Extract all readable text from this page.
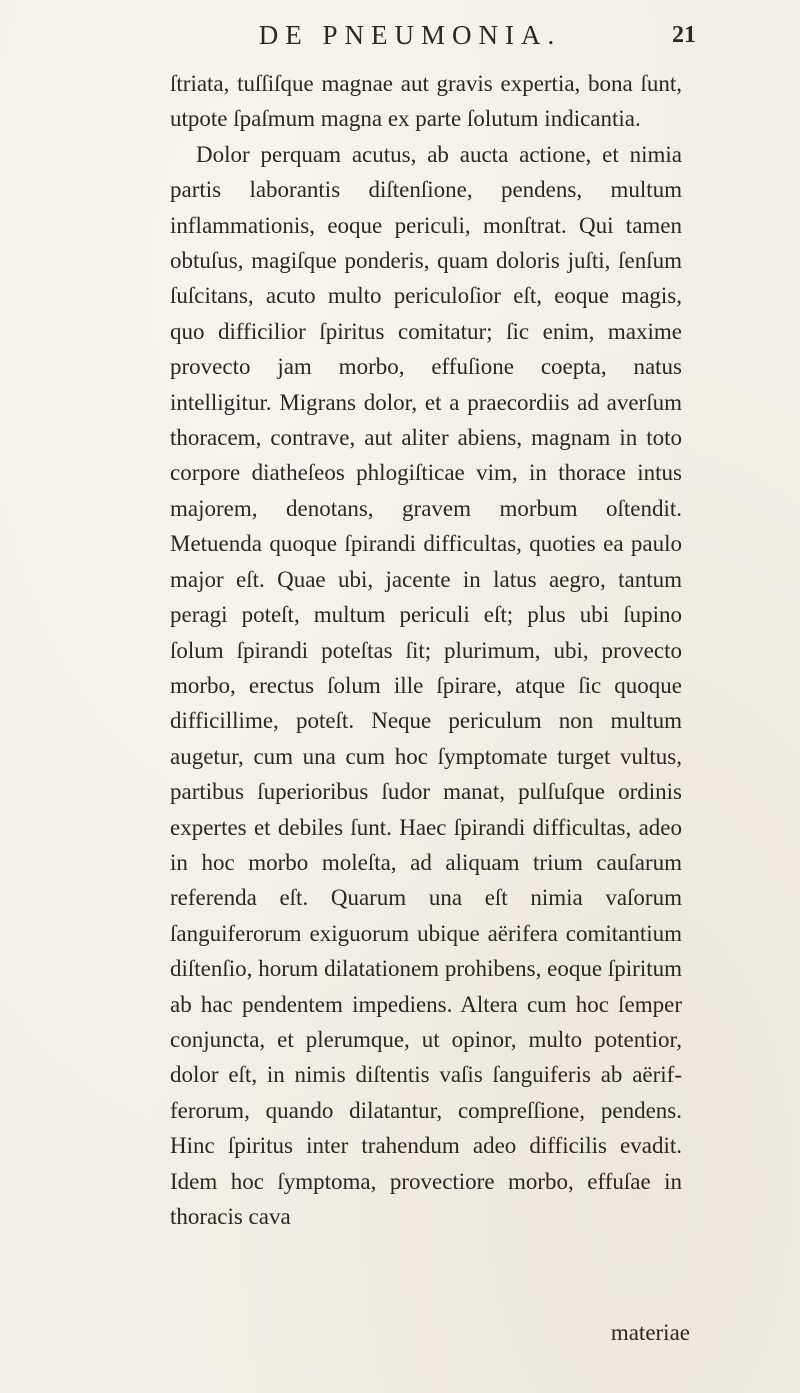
DE PNEUMONIA.	21

ſtriata, tuſſiſque magnae aut gravis expertia, bona ſunt, utpote ſpaſmum magna ex parte ſolutum indicantia.

Dolor perquam acutus, ab aucta actione, et nimia partis laborantis diſtenſione, pendens, multum inflammationis, eoque periculi, monſtrat. Qui tamen obtuſus, magiſque ponderis, quam doloris juſti, ſenſum ſuſcitans, acuto multo periculoſior eſt, eoque magis, quo difficilior ſpiritus comitatur; ſic enim, maxime provecto jam morbo, effuſione coepta, natus intelligitur. Migrans dolor, et a praecordiis ad averſum thoracem, contrave, aut aliter abiens, magnam in toto corpore diatheſeos phlogiſticae vim, in thorace intus majorem, denotans, gravem morbum oſtendit. Metuenda quoque ſpirandi difficultas, quoties ea paulo major eſt. Quae ubi, jacente in latus aegro, tantum peragi poteſt, multum periculi eſt; plus ubi ſupino ſolum ſpirandi poteſtas ſit; plurimum, ubi, provecto morbo, erectus ſolum ille ſpirare, atque ſic quoque difficillime, poteſt. Neque periculum non multum augetur, cum una cum hoc ſymptomate turget vultus, partibus ſuperioribus ſudor manat, pulſuſque ordinis expertes et debiles ſunt. Haec ſpirandi difficultas, adeo in hoc morbo moleſta, ad aliquam trium cauſarum referenda eſt. Quarum una eſt nimia vaſorum ſanguiferorum exiguorum ubique aërifera comitantium diſtenſio, horum dilatationem prohibens, eoque ſpiritum ab hac pendentem impediens. Altera cum hoc ſemper conjuncta, et plerumque, ut opinor, multo potentior, dolor eſt, in nimis diſtentis vaſis ſanguiferis ab aërifferorum, quando dilatantur, compreſſione, pendens. Hinc ſpiritus inter trahendum adeo difficilis evadit. Idem hoc ſymptoma, provectiore morbo, effuſae in thoracis cava

materiae
